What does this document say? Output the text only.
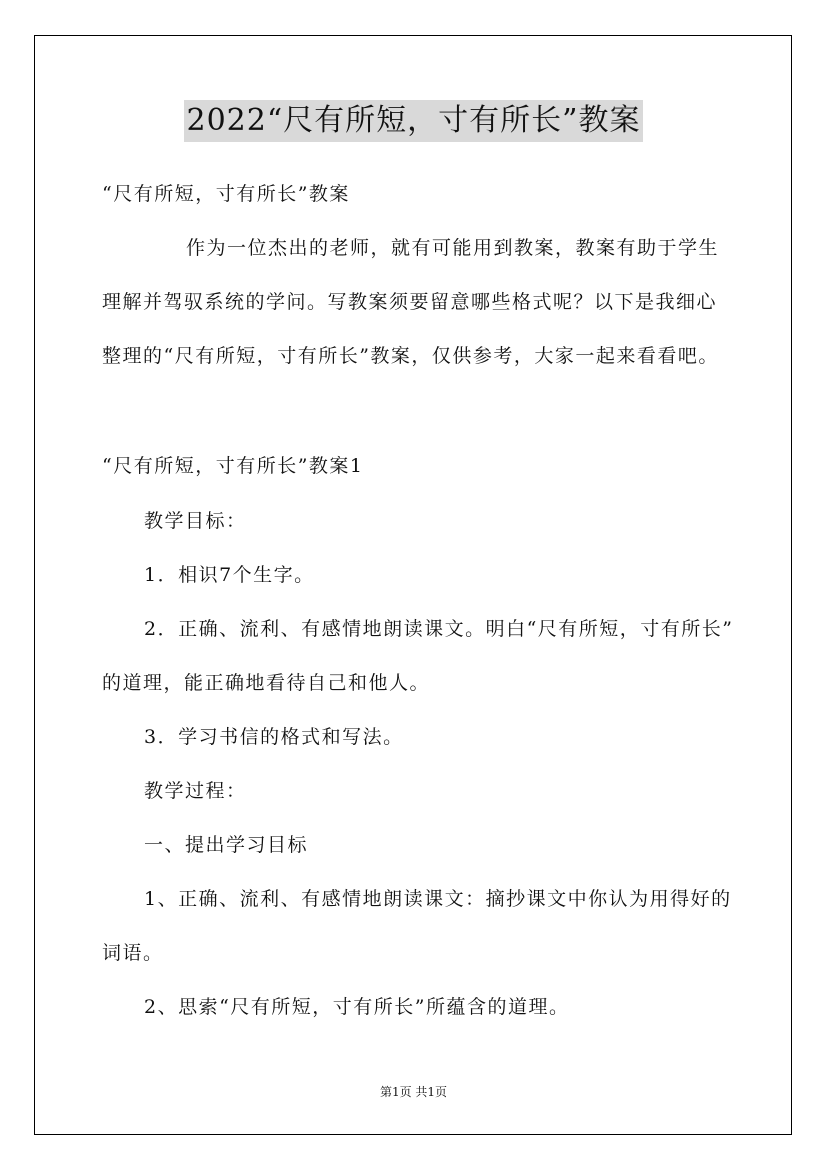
2022“尺有所短，寸有所长”教案
“尺有所短，寸有所长”教案
作为一位杰出的老师，就有可能用到教案，教案有助于学生
理解并驾驭系统的学问。写教案须要留意哪些格式呢？以下是我细心
整理的“尺有所短，寸有所长”教案，仅供参考，大家一起来看看吧。
“尺有所短，寸有所长”教案1
教学目标：
1．相识7个生字。
2．正确、流利、有感情地朗读课文。明白“尺有所短，寸有所长”
的道理，能正确地看待自己和他人。
3．学习书信的格式和写法。
教学过程：
一、提出学习目标
1、正确、流利、有感情地朗读课文：摘抄课文中你认为用得好的
词语。
2、思索“尺有所短，寸有所长”所蕴含的道理。
第1页 共1页
